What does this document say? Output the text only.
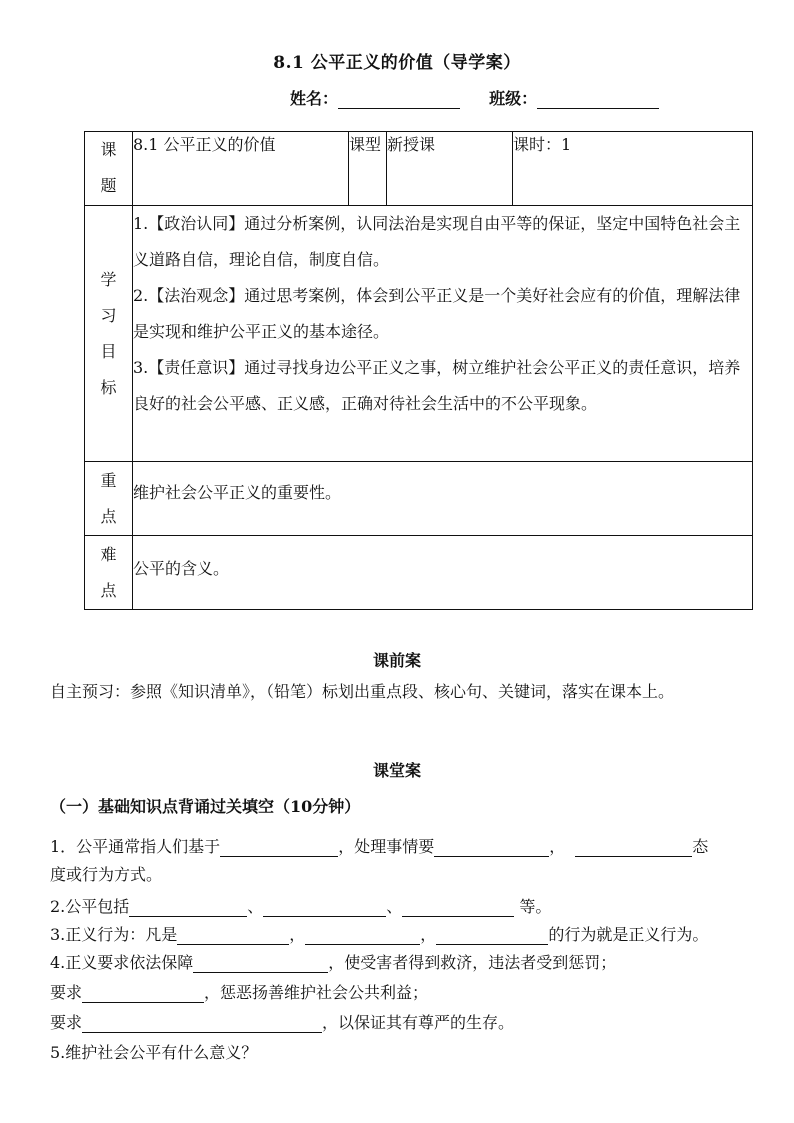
8.1 公平正义的价值（导学案）
姓名：	班级：
课题	8.1 公平正义的价值	课型	新授课	课时：1

学习目标	1.【政治认同】通过分析案例，认同法治是实现自由平等的保证，坚定中国特色社会主义道路自信，理论自信，制度自信。
2.【法治观念】通过思考案例，体会到公平正义是一个美好社会应有的价值，理解法律是实现和维护公平正义的基本途径。
3.【责任意识】通过寻找身边公平正义之事，树立维护社会公平正义的责任意识，培养良好的社会公平感、正义感，正确对待社会生活中的不公平现象。			

重点	维护社会公平正义的重要性。			

难点	公平的含义。			
课前案
自主预习：参照《知识清单》，（铅笔）标划出重点段、核心句、关键词，落实在课本上。
课堂案
（一）基础知识点背诵过关填空（10分钟）
1．公平通常指人们基于	，处理事情要	，	态
度或行为方式。
2.公平包括	、	、	等。
3.正义行为：凡是	，	，	的行为就是正义行为。
4.正义要求依法保障	，使受害者得到救济，违法者受到惩罚；
要求	，惩恶扬善维护社会公共利益；
要求	，以保证其有尊严的生存。
5.维护社会公平有什么意义？
